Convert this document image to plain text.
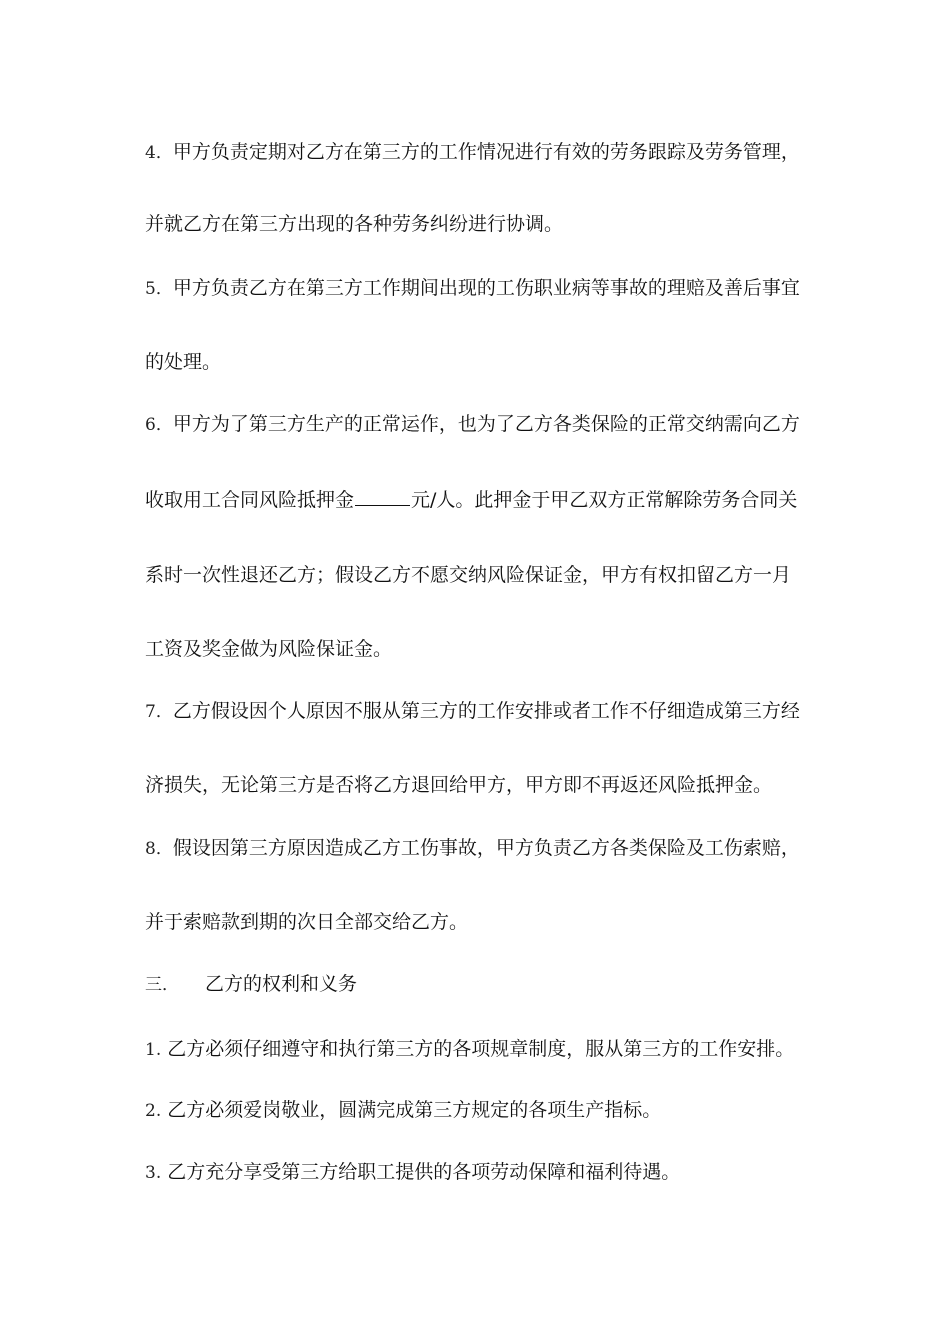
4．甲方负责定期对乙方在第三方的工作情况进行有效的劳务跟踪及劳务管理，
并就乙方在第三方出现的各种劳务纠纷进行协调。
5．甲方负责乙方在第三方工作期间出现的工伤职业病等事故的理赔及善后事宜
的处理。
6．甲方为了第三方生产的正常运作，也为了乙方各类保险的正常交纳需向乙方
收取用工合同风险抵押金	元/人。此押金于甲乙双方正常解除劳务合同关
系时一次性退还乙方；假设乙方不愿交纳风险保证金，甲方有权扣留乙方一月
工资及奖金做为风险保证金。
7．乙方假设因个人原因不服从第三方的工作安排或者工作不仔细造成第三方经
济损失，无论第三方是否将乙方退回给甲方，甲方即不再返还风险抵押金。
8．假设因第三方原因造成乙方工伤事故，甲方负责乙方各类保险及工伤索赔，
并于索赔款到期的次日全部交给乙方。
三． 乙方的权利和义务
1. 乙方必须仔细遵守和执行第三方的各项规章制度，服从第三方的工作安排。
2. 乙方必须爱岗敬业，圆满完成第三方规定的各项生产指标。
3. 乙方充分享受第三方给职工提供的各项劳动保障和福利待遇。
